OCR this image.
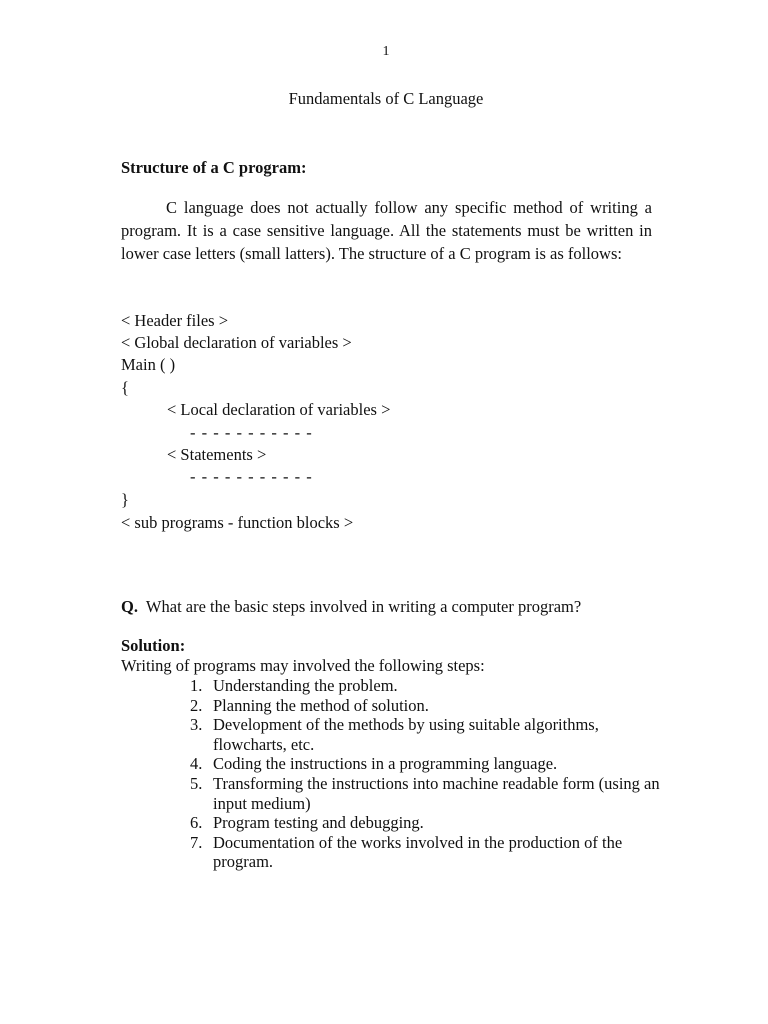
1
Fundamentals of C Language
Structure of a C program:
C language does not actually follow any specific method of writing a program. It is a case sensitive language. All the statements must be written in lower case letters (small latters). The structure of a C program is as follows:
< Header files >
< Global declaration of variables >
Main ( )
{
< Local declaration of variables >
- - - - - - - - - - -
< Statements >
- - - - - - - - - - -
}
< sub programs - function blocks >
Q. What are the basic steps involved in writing a computer program?
Solution:
Writing of programs may involved the following steps:
1. Understanding the problem.
2. Planning the method of solution.
3. Development of the methods by using suitable algorithms, flowcharts, etc.
4. Coding the instructions in a programming language.
5. Transforming the instructions into machine readable form (using an input medium)
6. Program testing and debugging.
7. Documentation of the works involved in the production of the program.
